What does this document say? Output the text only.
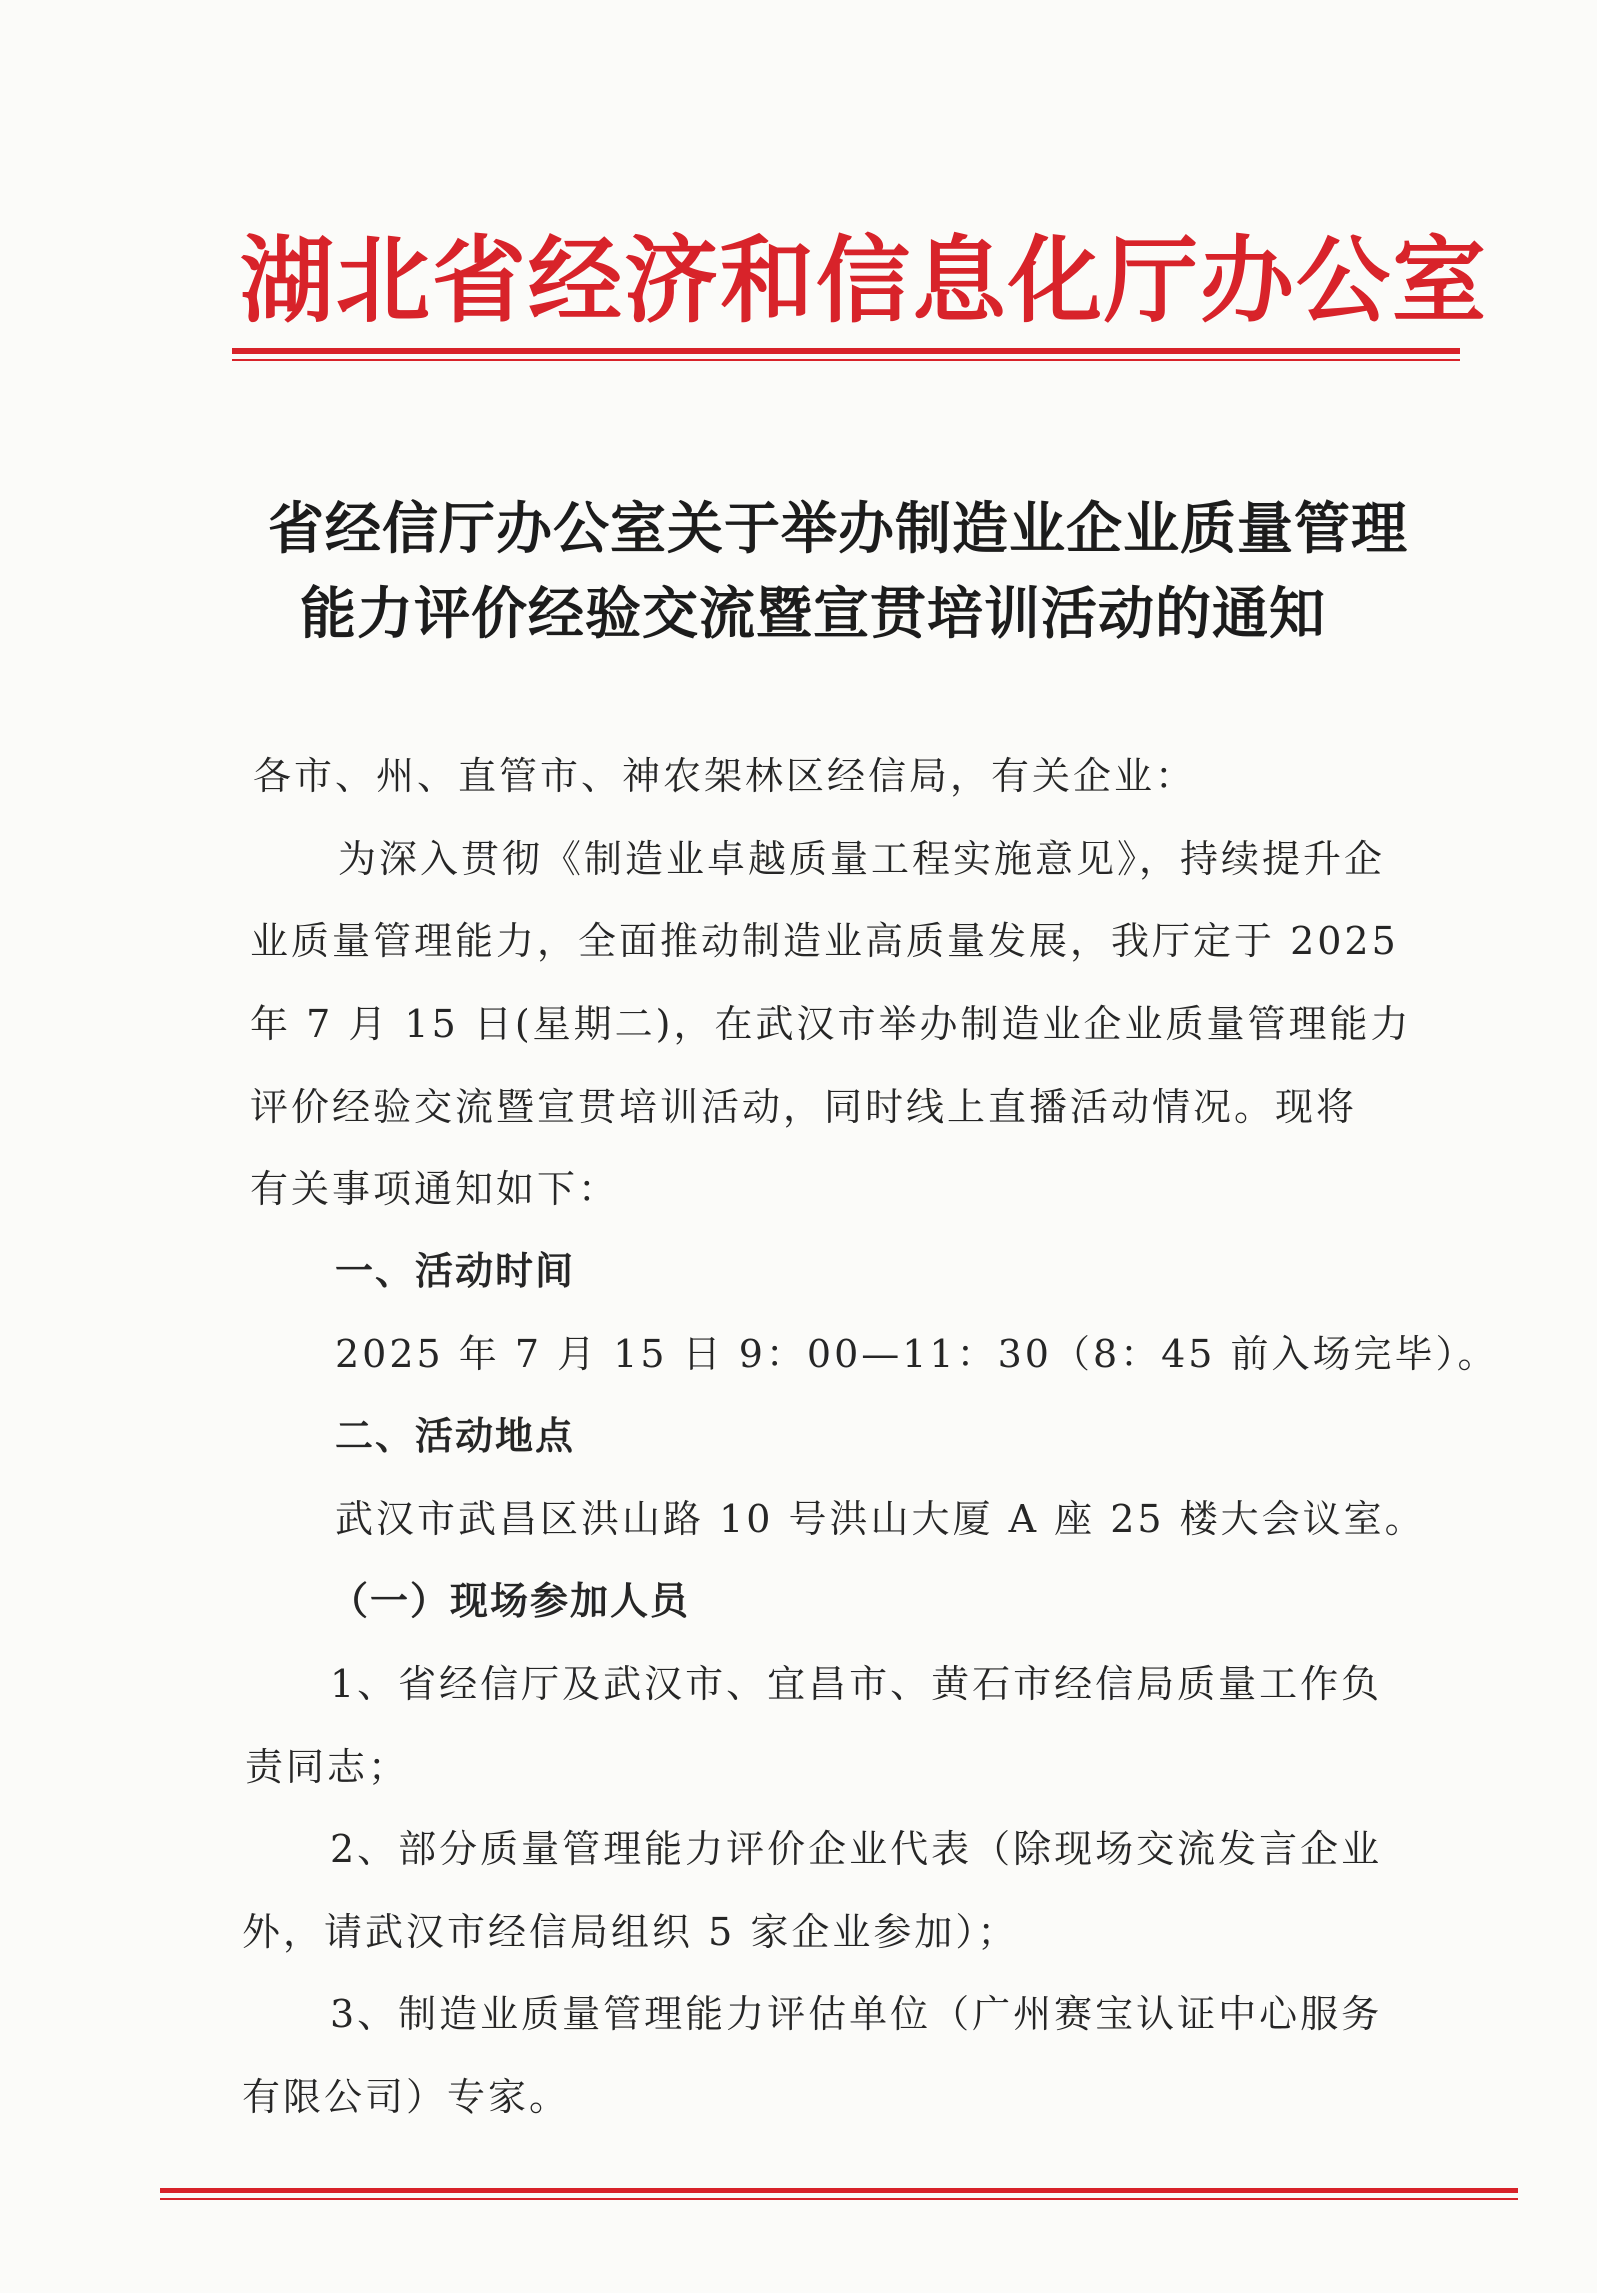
湖北省经济和信息化厅办公室
省经信厅办公室关于举办制造业企业质量管理
能力评价经验交流暨宣贯培训活动的通知
各市、州、直管市、神农架林区经信局，有关企业：
为深入贯彻《制造业卓越质量工程实施意见》，持续提升企
业质量管理能力，全面推动制造业高质量发展，我厅定于 2025
年 7 月 15 日(星期二)，在武汉市举办制造业企业质量管理能力
评价经验交流暨宣贯培训活动，同时线上直播活动情况。现将
有关事项通知如下：
一、活动时间
2025 年 7 月 15 日 9：00—11：30（8：45 前入场完毕）。
二、活动地点
武汉市武昌区洪山路 10 号洪山大厦 A 座 25 楼大会议室。
（一）现场参加人员
1、省经信厅及武汉市、宜昌市、黄石市经信局质量工作负
责同志；
2、部分质量管理能力评价企业代表（除现场交流发言企业
外，请武汉市经信局组织 5 家企业参加）；
3、制造业质量管理能力评估单位（广州赛宝认证中心服务
有限公司）专家。
